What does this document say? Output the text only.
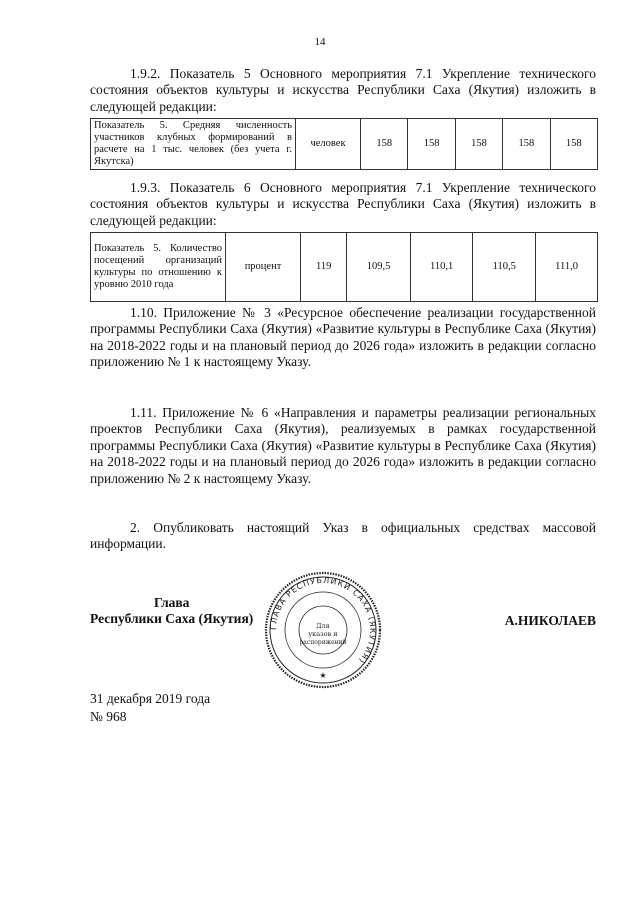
14
1.9.2. Показатель 5 Основного мероприятия 7.1 Укрепление технического состояния объектов культуры и искусства Республики Саха (Якутия) изложить в следующей редакции:
Показатель 5. Средняя численность участников клубных формирований в расчете на 1 тыс. человек (без учета г. Якутска)	человек	158	158	158	158	158
1.9.3. Показатель 6 Основного мероприятия 7.1 Укрепление технического состояния объектов культуры и искусства Республики Саха (Якутия) изложить в следующей редакции:
Показатель 5. Количество посещений организаций культуры по отношению к уровню 2010 года	процент	119	109,5	110,1	110,5	111,0
1.10. Приложение № 3 «Ресурсное обеспечение реализации государственной программы Республики Саха (Якутия) «Развитие культуры в Республике Саха (Якутия) на 2018-2022 годы и на плановый период до 2026 года» изложить в редакции согласно приложению № 1 к настоящему Указу.
1.11. Приложение № 6 «Направления и параметры реализации региональных проектов Республики Саха (Якутия), реализуемых в рамках государственной программы Республики Саха (Якутия) «Развитие культуры в Республике Саха (Якутия) на 2018-2022 годы и на плановый период до 2026 года» изложить в редакции согласно приложению № 2 к настоящему Указу.
2. Опубликовать настоящий Указ в официальных средствах массовой информации.
Глава
Республики Саха (Якутия)
ГЛАВА РЕСПУБЛИКИ САХА (ЯКУТИЯ)
Для
указов и
распоряжений
★
А.НИКОЛАЕВ
31 декабря 2019 года
№ 968
